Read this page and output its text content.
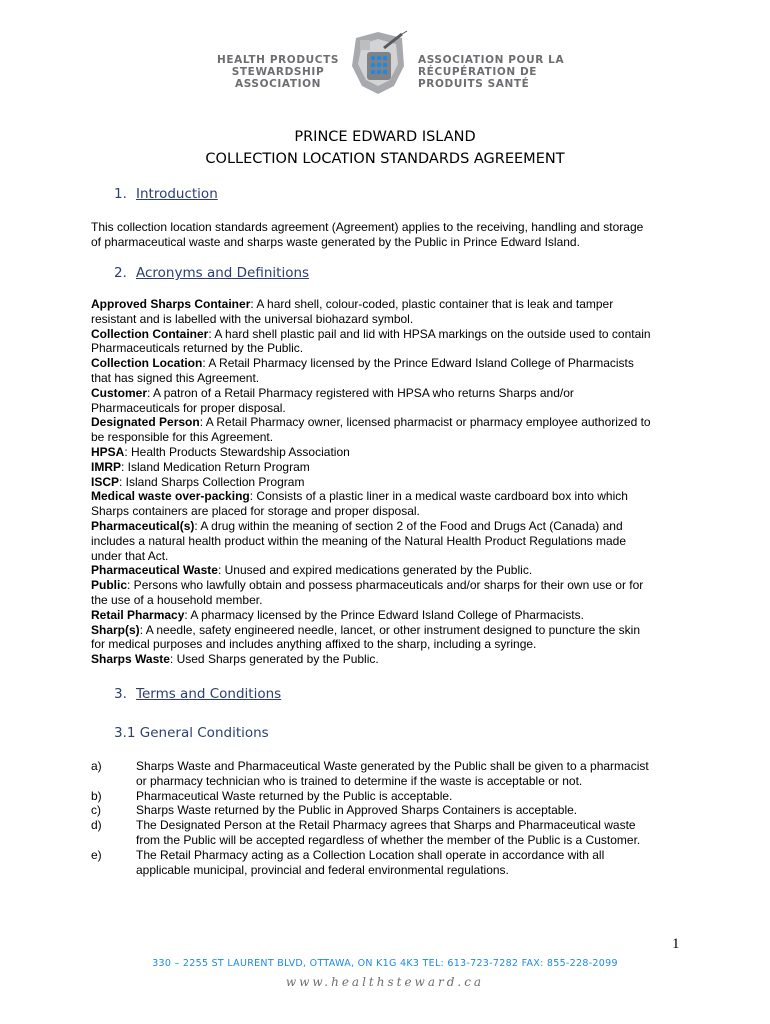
HEALTH PRODUCTS
STEWARDSHIP
ASSOCIATION
ASSOCIATION POUR LA
RÉCUPÉRATION DE
PRODUITS SANTÉ
PRINCE EDWARD ISLAND
COLLECTION LOCATION STANDARDS AGREEMENT
1. Introduction
This collection location standards agreement (Agreement) applies to the receiving, handling and storage
of pharmaceutical waste and sharps waste generated by the Public in Prince Edward Island.
2. Acronyms and Definitions
Approved Sharps Container: A hard shell, colour-coded, plastic container that is leak and tamper
resistant and is labelled with the universal biohazard symbol.
Collection Container: A hard shell plastic pail and lid with HPSA markings on the outside used to contain
Pharmaceuticals returned by the Public.
Collection Location: A Retail Pharmacy licensed by the Prince Edward Island College of Pharmacists
that has signed this Agreement.
Customer: A patron of a Retail Pharmacy registered with HPSA who returns Sharps and/or
Pharmaceuticals for proper disposal.
Designated Person: A Retail Pharmacy owner, licensed pharmacist or pharmacy employee authorized to
be responsible for this Agreement.
HPSA: Health Products Stewardship Association
IMRP: Island Medication Return Program
ISCP: Island Sharps Collection Program
Medical waste over-packing: Consists of a plastic liner in a medical waste cardboard box into which
Sharps containers are placed for storage and proper disposal.
Pharmaceutical(s): A drug within the meaning of section 2 of the Food and Drugs Act (Canada) and
includes a natural health product within the meaning of the Natural Health Product Regulations made
under that Act.
Pharmaceutical Waste: Unused and expired medications generated by the Public.
Public: Persons who lawfully obtain and possess pharmaceuticals and/or sharps for their own use or for
the use of a household member.
Retail Pharmacy: A pharmacy licensed by the Prince Edward Island College of Pharmacists.
Sharp(s): A needle, safety engineered needle, lancet, or other instrument designed to puncture the skin
for medical purposes and includes anything affixed to the sharp, including a syringe.
Sharps Waste: Used Sharps generated by the Public.
3. Terms and Conditions
3.1 General Conditions
a)	Sharps Waste and Pharmaceutical Waste generated by the Public shall be given to a pharmacist
or pharmacy technician who is trained to determine if the waste is acceptable or not.
b)	Pharmaceutical Waste returned by the Public is acceptable.
c)	Sharps Waste returned by the Public in Approved Sharps Containers is acceptable.
d)	The Designated Person at the Retail Pharmacy agrees that Sharps and Pharmaceutical waste
from the Public will be accepted regardless of whether the member of the Public is a Customer.
e)	The Retail Pharmacy acting as a Collection Location shall operate in accordance with all
applicable municipal, provincial and federal environmental regulations.
1
330 – 2255 ST LAURENT BLVD, OTTAWA, ON K1G 4K3 TEL: 613-723-7282 FAX: 855-228-2099
www.healthsteward.ca
